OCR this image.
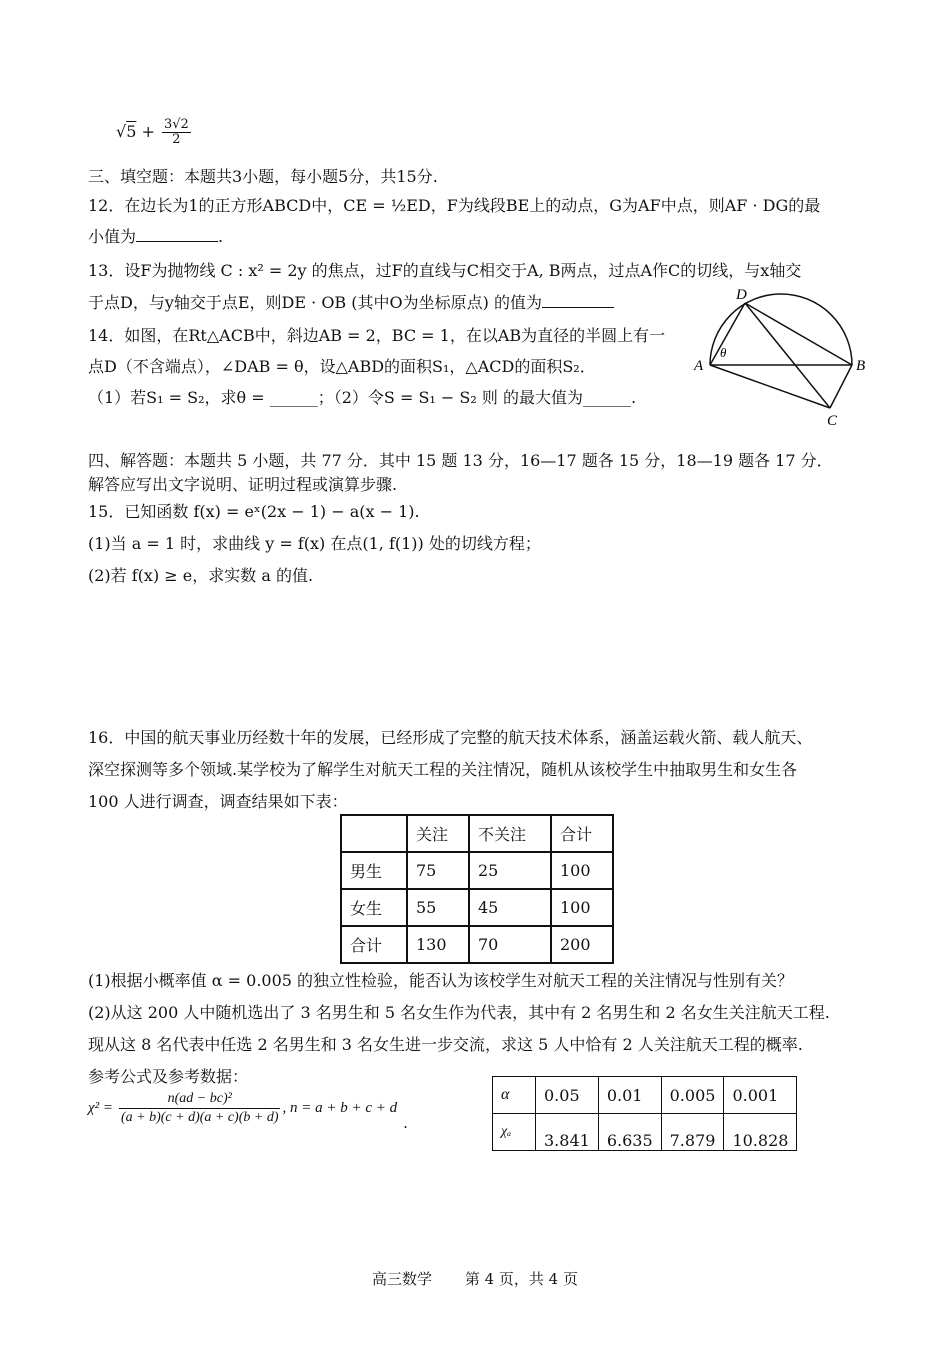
$√5 + \frac{3√2}{2}$
三、填空题：本题共3小题，每小题5分，共15分.
12．在边长为1的正方形ABCD中，CE = ½ED，F为线段BE上的动点，G为AF中点，则AF · DG的最
小值为	.
13．设F为抛物线 C : x² = 2y 的焦点，过F的直线与C相交于A, B两点，过点A作C的切线，与x轴交
于点D，与y轴交于点E，则DE · OB (其中O为坐标原点) 的值为
14．如图，在Rt△ACB中，斜边AB = 2，BC = 1，在以AB为直径的半圆上有一
点D（不含端点），∠DAB = θ，设△ABD的面积S₁，△ACD的面积S₂．
（1）若S₁ = S₂，求θ = ______；（2）令S = S₁ − S₂ 则 的最大值为______.
A	B
C
D
θ
四、解答题：本题共 5 小题，共 77 分．其中 15 题 13 分，16—17 题各 15 分，18—19 题各 17 分．
解答应写出文字说明、证明过程或演算步骤.
15．已知函数 f(x) = eˣ(2x − 1) − a(x − 1).
(1)当 a = 1 时，求曲线 y = f(x) 在点(1, f(1)) 处的切线方程；
(2)若 f(x) ≥ e，求实数 a 的值.
16．中国的航天事业历经数十年的发展，已经形成了完整的航天技术体系，涵盖运载火箭、载人航天、
深空探测等多个领域.某学校为了解学生对航天工程的关注情况，随机从该校学生中抽取男生和女生各
100 人进行调查，调查结果如下表：
	关注	不关注	合计
男生	75	25	100
女生	55	45	100
合计	130	70	200
(1)根据小概率值 α = 0.005 的独立性检验，能否认为该校学生对航天工程的关注情况与性别有关？
(2)从这 200 人中随机选出了 3 名男生和 5 名女生作为代表，其中有 2 名男生和 2 名女生关注航天工程.
现从这 8 名代表中任选 2 名男生和 3 名女生进一步交流，求这 5 人中恰有 2 人关注航天工程的概率.
参考公式及参考数据：
$\chi^2 = \frac{\text{n(ad − bc)²}}{(a + b)(c + d)(a + c)(b + d)}$ , n = a + b + c + d
.
α	0.05	0.01	0.005	0.001
χₐ	3.841	6.635	7.879	10.828
高三数学 第 4 页，共 4 页
